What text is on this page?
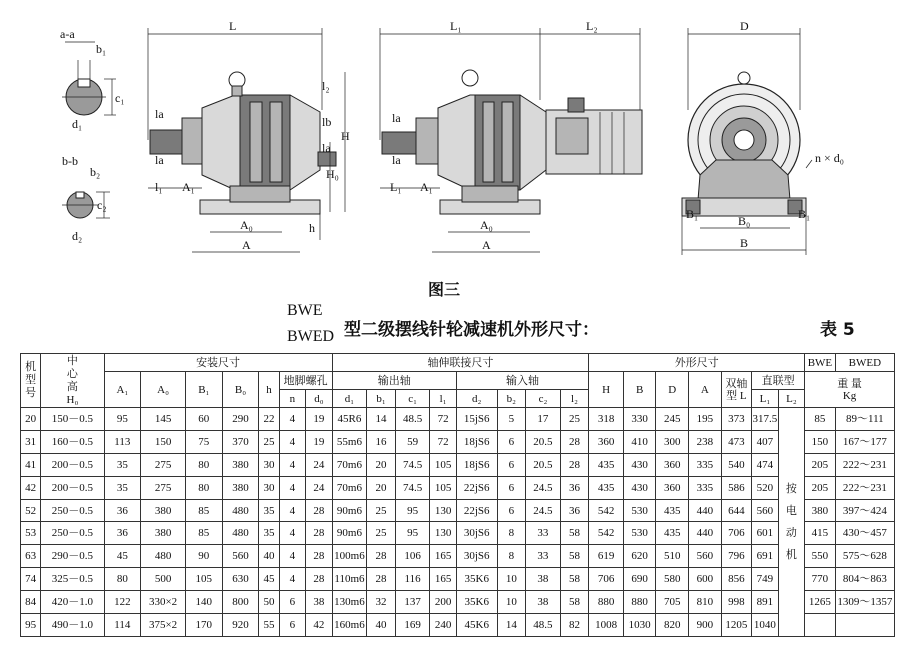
a-a
b₁
c₁
d₁
b-b
b₂
c₂
d₂
L
l₁ A₁
la
la
l₂
lb
la
H
H₀
h
A₀
A
L₁	L₂
la
la
L₁ A₁
A₀
A
D
B₁	B₁
n × d₀
B₀
B
图三
BWE
BWED 型二级摆线针轮减速机外形尺寸：	表 5
机型号	中心高
H₀	安装尺寸							轴伸联接尺寸								外形尺寸							BWE	BWED
		A₁	A₀	B₁	B₀	h	地脚螺孔		输出轴				输入轴				H	B	D	A	双轴
型 L	直联型		重 量
Kg	
							n	d₀	d₁	b₁	c₁	l₁	d₂	b₂	c₂	l₂						L₁	L₂		
20	150－0.5	95	145	60	290	22	4	19	45R6	14	48.5	72	15jS6	5	17	25	318	330	245	195	373	317.5	按电动机	85	89～111
31	160－0.5	113	150	75	370	25	4	19	55m6	16	59	72	18jS6	6	20.5	28	360	410	300	238	473	407		150	167～177
41	200－0.5	35	275	80	380	30	4	24	70m6	20	74.5	105	18jS6	6	20.5	28	435	430	360	335	540	474		205	222～231
42	200－0.5	35	275	80	380	30	4	24	70m6	20	74.5	105	22jS6	6	24.5	36	435	430	360	335	586	520		205	222～231
52	250－0.5	36	380	85	480	35	4	28	90m6	25	95	130	22jS6	6	24.5	36	542	530	435	440	644	560		380	397～424
53	250－0.5	36	380	85	480	35	4	28	90m6	25	95	130	30jS6	8	33	58	542	530	435	440	706	601		415	430～457
63	290－0.5	45	480	90	560	40	4	28	100m6	28	106	165	30jS6	8	33	58	619	620	510	560	796	691		550	575～628
74	325－0.5	80	500	105	630	45	4	28	110m6	28	116	165	35K6	10	38	58	706	690	580	600	856	749		770	804～863
84	420－1.0	122	330×2	140	800	50	6	38	130m6	32	137	200	35K6	10	38	58	880	880	705	810	998	891		1265	1309～1357
95	490－1.0	114	375×2	170	920	55	6	42	160m6	40	169	240	45K6	14	48.5	82	1008	1030	820	900	1205	1040			
